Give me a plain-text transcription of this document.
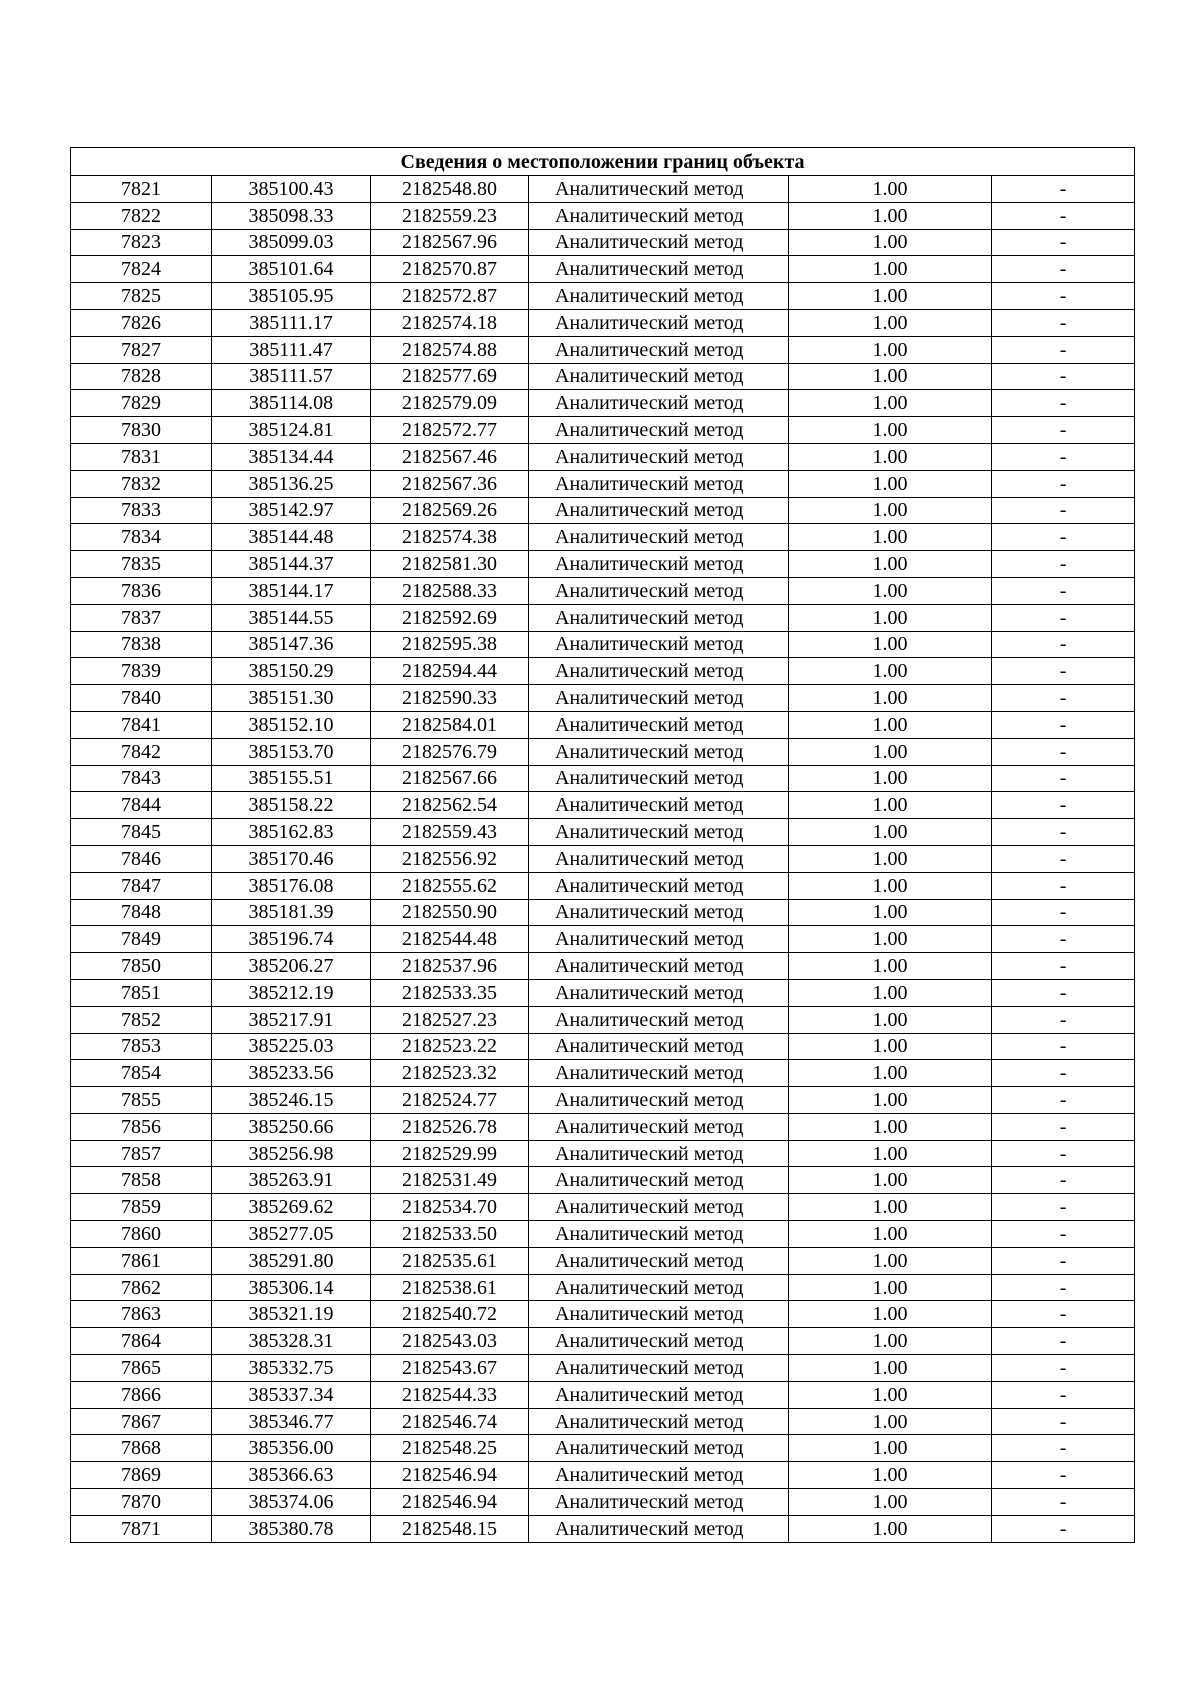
Сведения о местоположении границ объекта					
7821	385100.43	2182548.80	Аналитический метод	1.00	-
7822	385098.33	2182559.23	Аналитический метод	1.00	-
7823	385099.03	2182567.96	Аналитический метод	1.00	-
7824	385101.64	2182570.87	Аналитический метод	1.00	-
7825	385105.95	2182572.87	Аналитический метод	1.00	-
7826	385111.17	2182574.18	Аналитический метод	1.00	-
7827	385111.47	2182574.88	Аналитический метод	1.00	-
7828	385111.57	2182577.69	Аналитический метод	1.00	-
7829	385114.08	2182579.09	Аналитический метод	1.00	-
7830	385124.81	2182572.77	Аналитический метод	1.00	-
7831	385134.44	2182567.46	Аналитический метод	1.00	-
7832	385136.25	2182567.36	Аналитический метод	1.00	-
7833	385142.97	2182569.26	Аналитический метод	1.00	-
7834	385144.48	2182574.38	Аналитический метод	1.00	-
7835	385144.37	2182581.30	Аналитический метод	1.00	-
7836	385144.17	2182588.33	Аналитический метод	1.00	-
7837	385144.55	2182592.69	Аналитический метод	1.00	-
7838	385147.36	2182595.38	Аналитический метод	1.00	-
7839	385150.29	2182594.44	Аналитический метод	1.00	-
7840	385151.30	2182590.33	Аналитический метод	1.00	-
7841	385152.10	2182584.01	Аналитический метод	1.00	-
7842	385153.70	2182576.79	Аналитический метод	1.00	-
7843	385155.51	2182567.66	Аналитический метод	1.00	-
7844	385158.22	2182562.54	Аналитический метод	1.00	-
7845	385162.83	2182559.43	Аналитический метод	1.00	-
7846	385170.46	2182556.92	Аналитический метод	1.00	-
7847	385176.08	2182555.62	Аналитический метод	1.00	-
7848	385181.39	2182550.90	Аналитический метод	1.00	-
7849	385196.74	2182544.48	Аналитический метод	1.00	-
7850	385206.27	2182537.96	Аналитический метод	1.00	-
7851	385212.19	2182533.35	Аналитический метод	1.00	-
7852	385217.91	2182527.23	Аналитический метод	1.00	-
7853	385225.03	2182523.22	Аналитический метод	1.00	-
7854	385233.56	2182523.32	Аналитический метод	1.00	-
7855	385246.15	2182524.77	Аналитический метод	1.00	-
7856	385250.66	2182526.78	Аналитический метод	1.00	-
7857	385256.98	2182529.99	Аналитический метод	1.00	-
7858	385263.91	2182531.49	Аналитический метод	1.00	-
7859	385269.62	2182534.70	Аналитический метод	1.00	-
7860	385277.05	2182533.50	Аналитический метод	1.00	-
7861	385291.80	2182535.61	Аналитический метод	1.00	-
7862	385306.14	2182538.61	Аналитический метод	1.00	-
7863	385321.19	2182540.72	Аналитический метод	1.00	-
7864	385328.31	2182543.03	Аналитический метод	1.00	-
7865	385332.75	2182543.67	Аналитический метод	1.00	-
7866	385337.34	2182544.33	Аналитический метод	1.00	-
7867	385346.77	2182546.74	Аналитический метод	1.00	-
7868	385356.00	2182548.25	Аналитический метод	1.00	-
7869	385366.63	2182546.94	Аналитический метод	1.00	-
7870	385374.06	2182546.94	Аналитический метод	1.00	-
7871	385380.78	2182548.15	Аналитический метод	1.00	-
